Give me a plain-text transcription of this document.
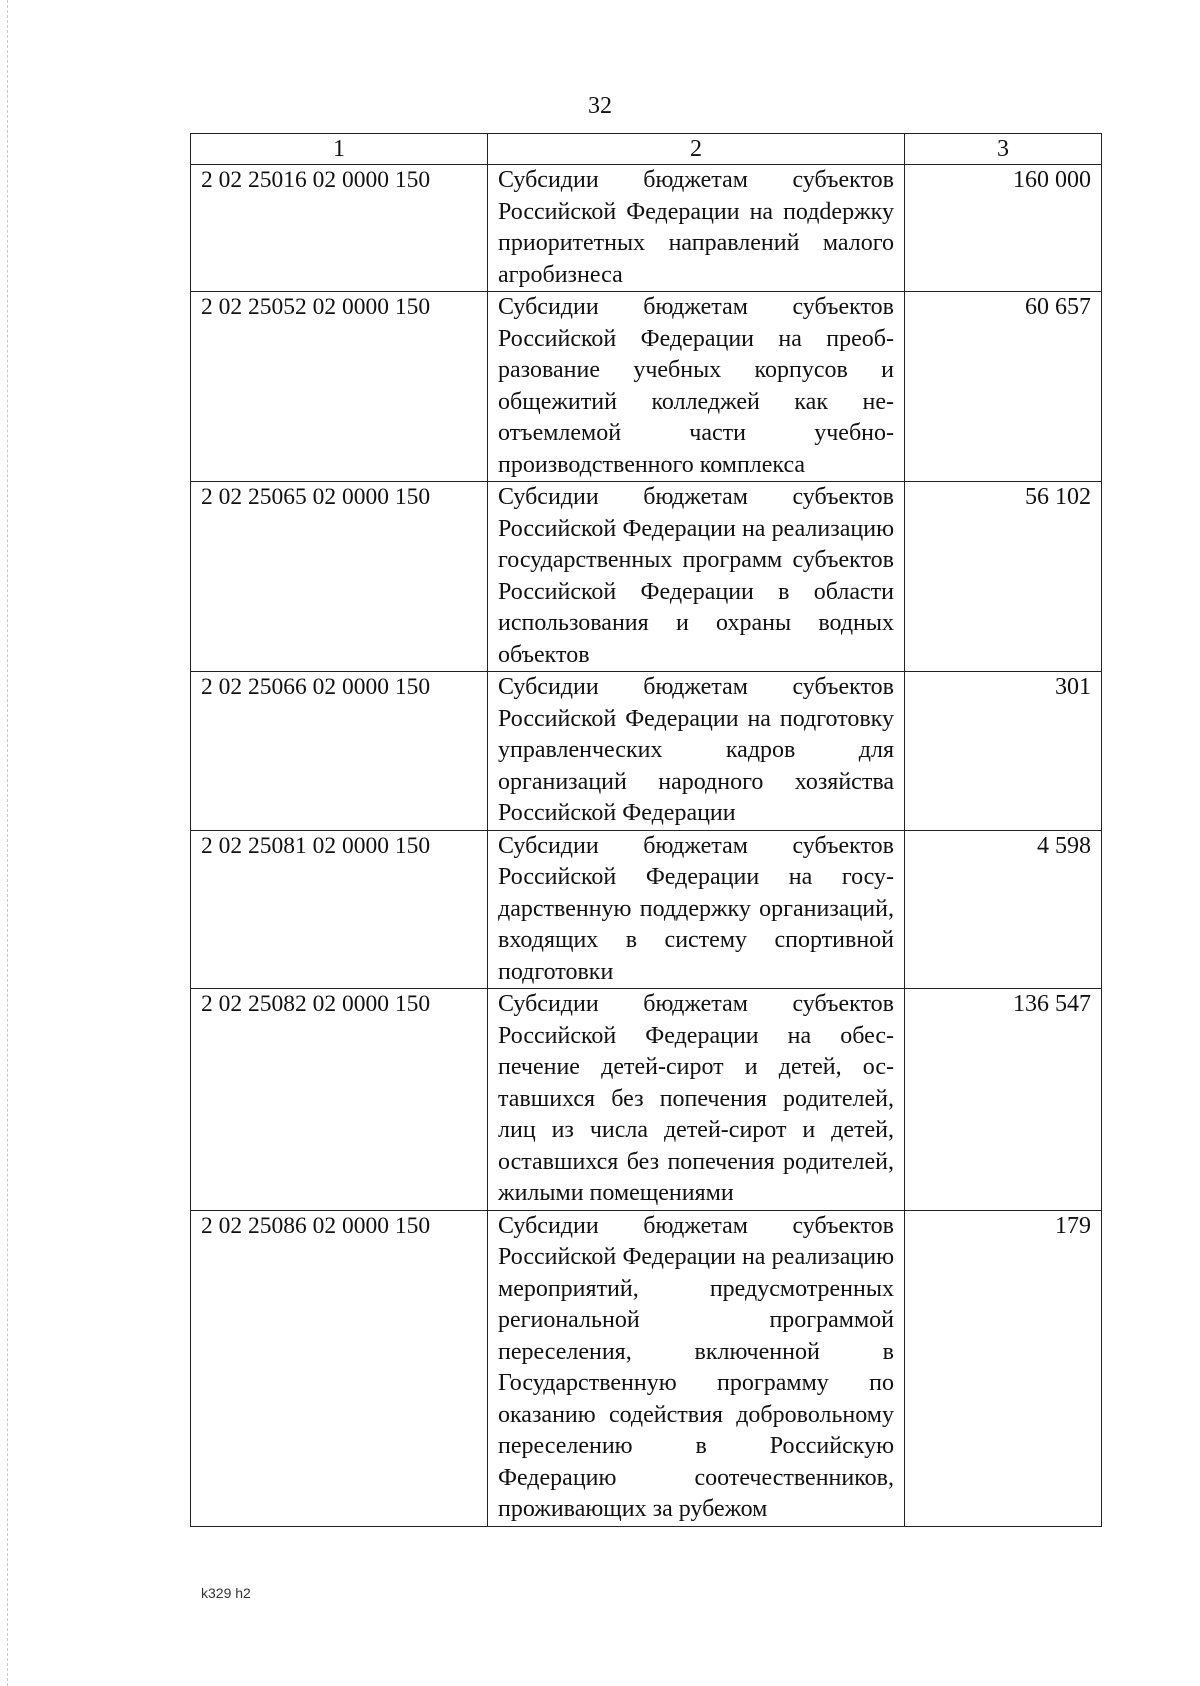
32
1	2	3
2 02 25016 02 0000 150	Субсидии бюджетам субъектов Российской Федерации на подdержку приоритетных направлений малого агробизнеса	160 000
2 02 25052 02 0000 150	Субсидии бюджетам субъектов Российской Федерации на преобразование учебных корпусов и общежитий колледжей как неотъемлемой части учебно-производственного комплекса	60 657
2 02 25065 02 0000 150	Субсидии бюджетам субъектов Российской Федерации на реализацию государственных программ субъектов Российской Федерации в области использования и охраны водных объектов	56 102
2 02 25066 02 0000 150	Субсидии бюджетам субъектов Российской Федерации на подготовку управленческих кадров для организаций народного хозяйства Российской Федерации	301
2 02 25081 02 0000 150	Субсидии бюджетам субъектов Российской Федерации на государственную поддержку организаций, входящих в систему спортивной подготовки	4 598
2 02 25082 02 0000 150	Субсидии бюджетам субъектов Российской Федерации на обеспечение детей-сирот и детей, оставшихся без попечения родителей, лиц из числа детей-сирот и детей, оставшихся без попечения родителей, жилыми помещениями	136 547
2 02 25086 02 0000 150	Субсидии бюджетам субъектов Российской Федерации на реализацию мероприятий, предусмотренных региональной программой переселения, включенной в Государственную программу по оказанию содействия добровольному переселению в Российскую Федерацию соотечественников, проживающих за рубежом	179
k329 h2
